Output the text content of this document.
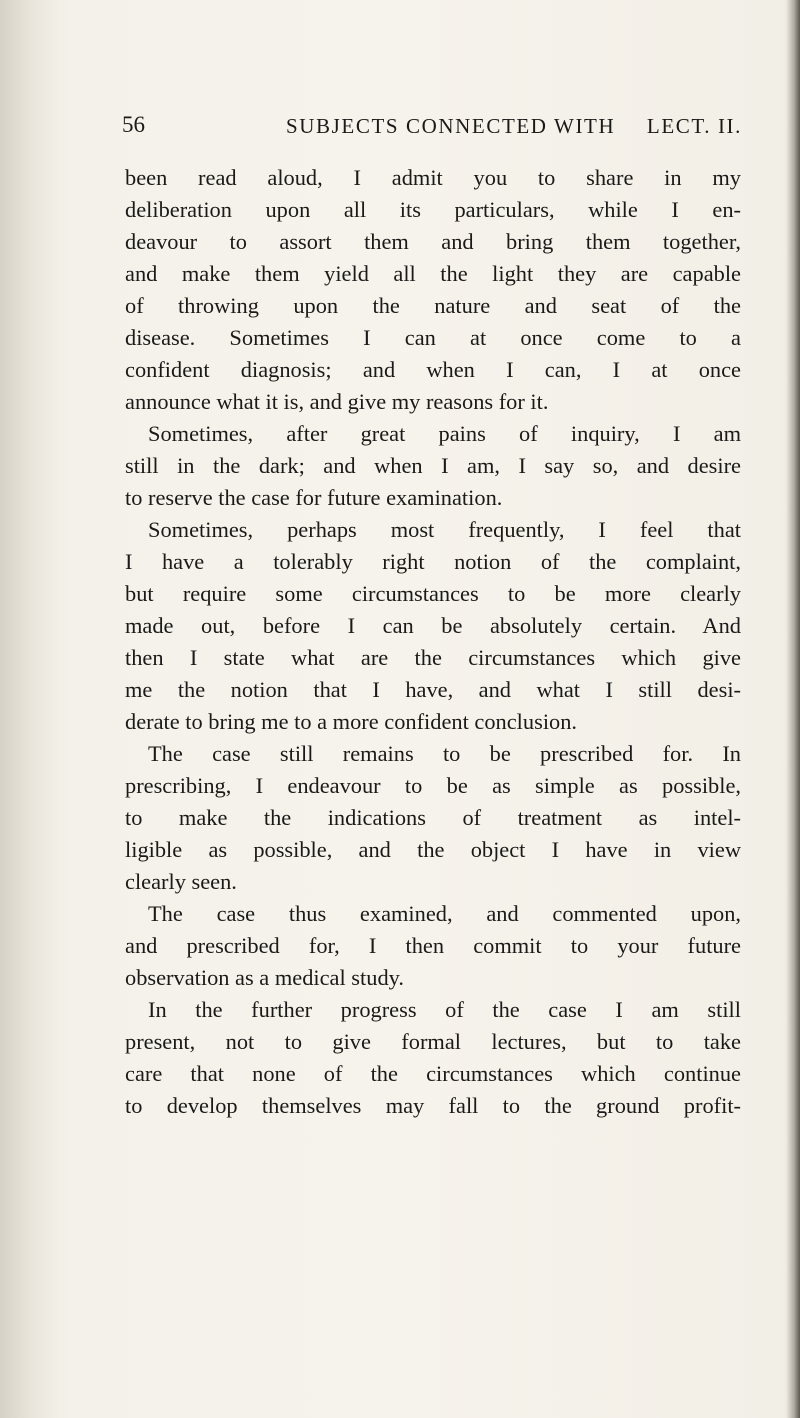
56	SUBJECTS CONNECTED WITH LECT. II.
been read aloud, I admit you to share in my
deliberation upon all its particulars, while I en-
deavour to assort them and bring them together,
and make them yield all the light they are capable
of throwing upon the nature and seat of the
disease. Sometimes I can at once come to a
confident diagnosis; and when I can, I at once
announce what it is, and give my reasons for it.
Sometimes, after great pains of inquiry, I am
still in the dark; and when I am, I say so, and desire
to reserve the case for future examination.
Sometimes, perhaps most frequently, I feel that
I have a tolerably right notion of the complaint,
but require some circumstances to be more clearly
made out, before I can be absolutely certain. And
then I state what are the circumstances which give
me the notion that I have, and what I still desi-
derate to bring me to a more confident conclusion.
The case still remains to be prescribed for. In
prescribing, I endeavour to be as simple as possible,
to make the indications of treatment as intel-
ligible as possible, and the object I have in view
clearly seen.
The case thus examined, and commented upon,
and prescribed for, I then commit to your future
observation as a medical study.
In the further progress of the case I am still
present, not to give formal lectures, but to take
care that none of the circumstances which continue
to develop themselves may fall to the ground profit-
